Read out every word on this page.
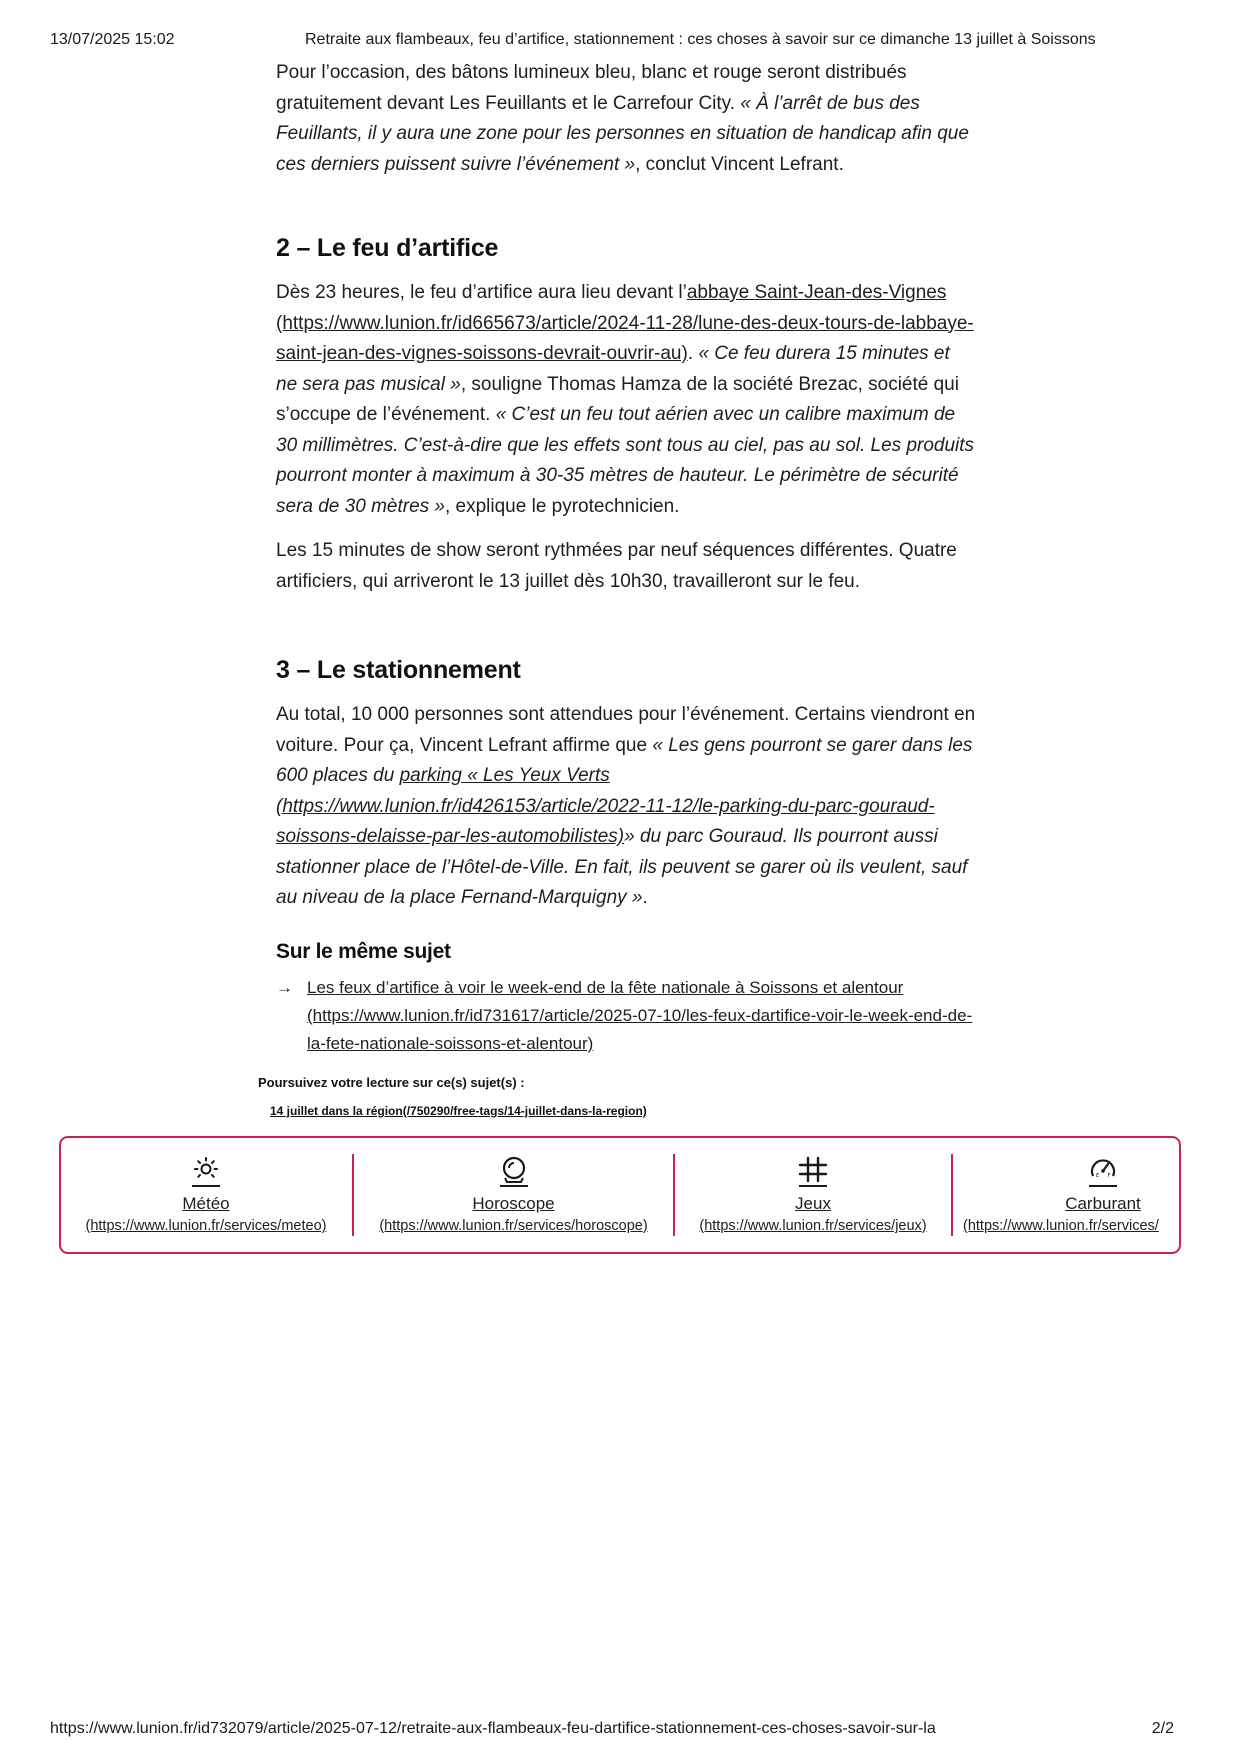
13/07/2025 15:02	Retraite aux flambeaux, feu d’artifice, stationnement : ces choses à savoir sur ce dimanche 13 juillet à Soissons

Pour l’occasion, des bâtons lumineux bleu, blanc et rouge seront distribués gratuitement devant Les Feuillants et le Carrefour City. « À l’arrêt de bus des Feuillants, il y aura une zone pour les personnes en situation de handicap afin que ces derniers puissent suivre l’événement », conclut Vincent Lefrant.

2 – Le feu d’artifice

Dès 23 heures, le feu d’artifice aura lieu devant l’abbaye Saint-Jean-des-Vignes (https://www.lunion.fr/id665673/article/2024-11-28/lune-des-deux-tours-de-labbaye-saint-jean-des-vignes-soissons-devrait-ouvrir-au). « Ce feu durera 15 minutes et ne sera pas musical », souligne Thomas Hamza de la société Brezac, société qui s’occupe de l’événement. « C’est un feu tout aérien avec un calibre maximum de 30 millimètres. C’est-à-dire que les effets sont tous au ciel, pas au sol. Les produits pourront monter à maximum à 30-35 mètres de hauteur. Le périmètre de sécurité sera de 30 mètres », explique le pyrotechnicien.

Les 15 minutes de show seront rythmées par neuf séquences différentes. Quatre artificiers, qui arriveront le 13 juillet dès 10h30, travailleront sur le feu.

3 – Le stationnement

Au total, 10 000 personnes sont attendues pour l’événement. Certains viendront en voiture. Pour ça, Vincent Lefrant affirme que « Les gens pourront se garer dans les 600 places du parking « Les Yeux Verts (https://www.lunion.fr/id426153/article/2022-11-12/le-parking-du-parc-gouraud-soissons-delaisse-par-les-automobilistes)» du parc Gouraud. Ils pourront aussi stationner place de l’Hôtel-de-Ville. En fait, ils peuvent se garer où ils veulent, sauf au niveau de la place Fernand-Marquigny ».

Sur le même sujet
→ Les feux d’artifice à voir le week-end de la fête nationale à Soissons et alentour (https://www.lunion.fr/id731617/article/2025-07-10/les-feux-dartifice-voir-le-week-end-de-la-fete-nationale-soissons-et-alentour)
Poursuivez votre lecture sur ce(s) sujet(s) :
14 juillet dans la région(/750290/free-tags/14-juillet-dans-la-region)
Météo
(https://www.lunion.fr/services/meteo)
Horoscope
(https://www.lunion.fr/services/horoscope)
Jeux
(https://www.lunion.fr/services/jeux)
E F
Carburant
(https://www.lunion.fr/services/
https://www.lunion.fr/id732079/article/2025-07-12/retraite-aux-flambeaux-feu-dartifice-stationnement-ces-choses-savoir-sur-la	2/2
